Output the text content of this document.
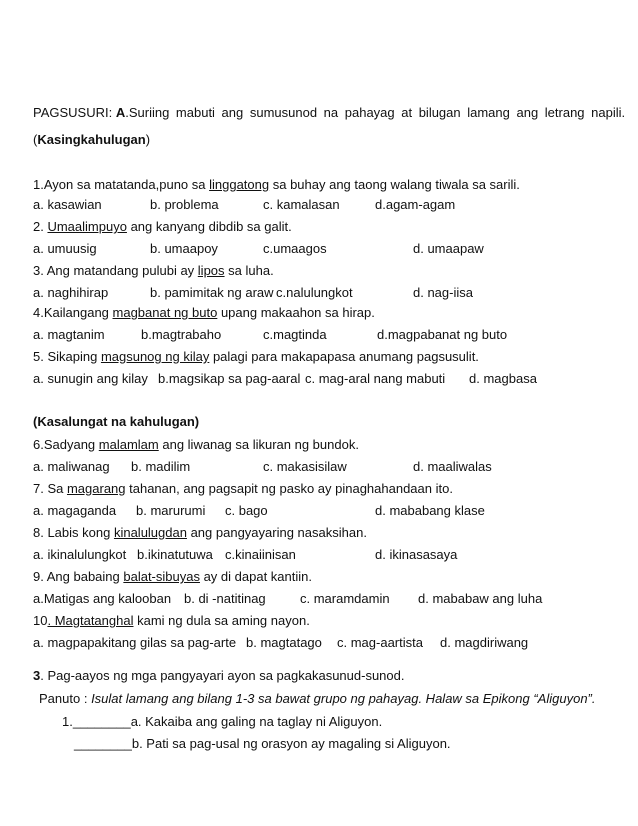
PAGSUSURI: A.Suriing mabuti ang sumusunod na pahayag at bilugan lamang ang letrang napili.
(Kasingkahulugan)
1.Ayon sa matatanda,puno sa linggatong sa buhay ang taong walang tiwala sa sarili.
a. kasawian	b. problema	c. kamalasan	d.agam-agam
2. Umaalimpuyo ang kanyang dibdib sa galit.
a. umuusig	b. umaapoy	c.umaagos	d. umaapaw
3. Ang matandang pulubi ay lipos sa luha.
a. naghihirap	b. pamimitak ng araw c.nalulungkot	d. nag-iisa
4.Kailangang magbanat ng buto upang makaahon sa hirap.
a. magtanim	b.magtrabaho	c.magtinda	d.magpabanat ng buto
5. Sikaping magsunog ng kilay palagi para makapapasa anumang pagsusulit.
a. sunugin ang kilay b.magsikap sa pag-aaral c. mag-aral nang mabuti d. magbasa
(Kasalungat na kahulugan)
6.Sadyang malamlam ang liwanag sa likuran ng bundok.
a. maliwanag b. madilim	c. makasisilaw	d. maaliwalas
7. Sa magarang tahanan, ang pagsapit ng pasko ay pinaghahandaan ito.
a. magaganda b. marurumi c. bago	d. mababang klase
8. Labis kong kinalulugdan ang pangyayaring nasaksihan.
a. ikinalulungkot b.ikinatutuwa c.kinaiinisan	d. ikinasasaya
9. Ang babaing balat-sibuyas ay di dapat kantiin.
a.Matigas ang kalooban b. di -natitinag	c. maramdamin d. mababaw ang luha
10. Magtatanghal kami ng dula sa aming nayon.
a. magpapakitang gilas sa pag-arte b. magtatago c. mag-aartista d. magdiriwang
3. Pag-aayos ng mga pangyayari ayon sa pagkakasunud-sunod.
Panuto : Isulat lamang ang bilang 1-3 sa bawat grupo ng pahayag. Halaw sa Epikong “Aliguyon”.
1.________a. Kakaiba ang galing na taglay ni Aliguyon.
________b. Pati sa pag-usal ng orasyon ay magaling si Aliguyon.
